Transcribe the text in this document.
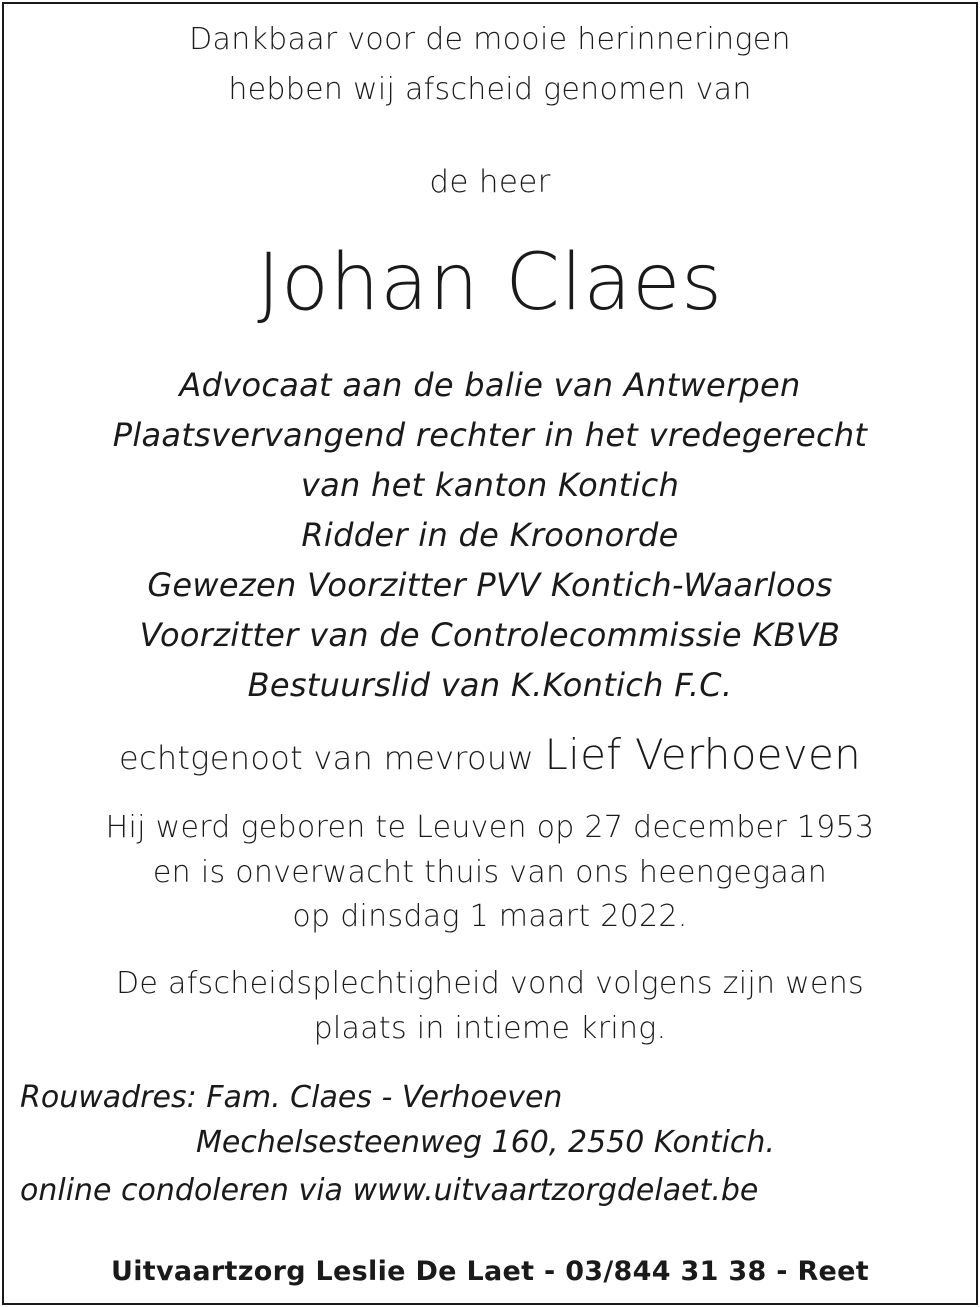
Dankbaar voor de mooie herinneringen
hebben wij afscheid genomen van
de heer
Johan Claes
Advocaat aan de balie van Antwerpen
Plaatsvervangend rechter in het vredegerecht
van het kanton Kontich
Ridder in de Kroonorde
Gewezen Voorzitter PVV Kontich-Waarloos
Voorzitter van de Controlecommissie KBVB
Bestuurslid van K.Kontich F.C.
echtgenoot van mevrouw Lief Verhoeven
Hij werd geboren te Leuven op 27 december 1953
en is onverwacht thuis van ons heengegaan
op dinsdag 1 maart 2022.
De afscheidsplechtigheid vond volgens zijn wens
plaats in intieme kring.
Rouwadres: Fam. Claes - Verhoeven
Mechelsesteenweg 160, 2550 Kontich.
online condoleren via www.uitvaartzorgdelaet.be
Uitvaartzorg Leslie De Laet - 03/844 31 38 - Reet
